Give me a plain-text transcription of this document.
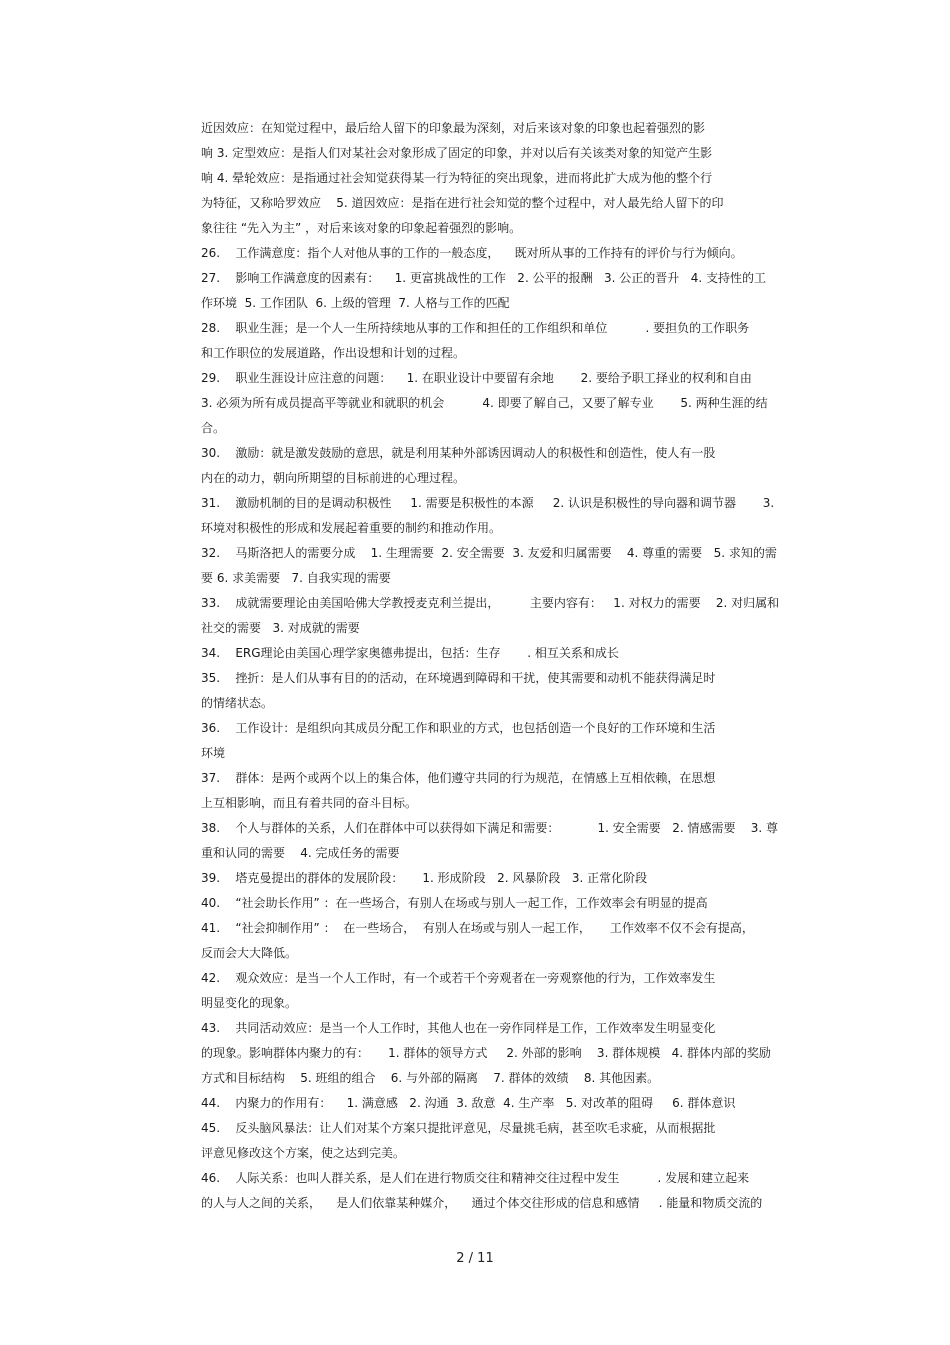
近因效应：在知觉过程中，最后给人留下的印象最为深刻，对后来该对象的印象也起着强烈的影
响 3. 定型效应：是指人们对某社会对象形成了固定的印象，并对以后有关该类对象的知觉产生影
响 4. 晕轮效应：是指通过社会知觉获得某一行为特征的突出现象，进而将此扩大成为他的整个行
为特征，又称哈罗效应    5. 道因效应：是指在进行社会知觉的整个过程中，对人最先给人留下的印
象往往 “先入为主” ，对后来该对象的印象起着强烈的影响。
26.    工作满意度：指个人对他从事的工作的一般态度，    既对所从事的工作持有的评价与行为倾向。
27.    影响工作满意度的因素有：    1. 更富挑战性的工作   2. 公平的报酬   3. 公正的晋升   4. 支持性的工
作环境  5. 工作团队  6. 上级的管理  7. 人格与工作的匹配
28.    职业生涯；是一个人一生所持续地从事的工作和担任的工作组织和单位          . 要担负的工作职务
和工作职位的发展道路，作出设想和计划的过程。
29.    职业生涯设计应注意的问题：    1. 在职业设计中要留有余地       2. 要给予职工择业的权利和自由
3. 必须为所有成员提高平等就业和就职的机会          4. 即要了解自己，又要了解专业       5. 两种生涯的结
合。
30.    激励：就是激发鼓励的意思，就是利用某种外部诱因调动人的积极性和创造性，使人有一股
内在的动力，朝向所期望的目标前进的心理过程。
31.    激励机制的目的是调动积极性     1. 需要是积极性的本源     2. 认识是积极性的导向器和调节器       3.
环境对积极性的形成和发展起着重要的制约和推动作用。
32.    马斯洛把人的需要分成    1. 生理需要  2. 安全需要  3. 友爱和归属需要    4. 尊重的需要   5. 求知的需
要 6. 求美需要   7. 自我实现的需要
33.    成就需要理论由美国哈佛大学教授麦克利兰提出，        主要内容有：   1. 对权力的需要    2. 对归属和
社交的需要   3. 对成就的需要
34.    ERG理论由美国心理学家奥德弗提出，包括：生存       . 相互关系和成长
35.    挫折：是人们从事有目的的活动，在环境遇到障碍和干扰，使其需要和动机不能获得满足时
的情绪状态。
36.    工作设计：是组织向其成员分配工作和职业的方式，也包括创造一个良好的工作环境和生活
环境
37.    群体：是两个或两个以上的集合体，他们遵守共同的行为规范，在情感上互相依赖，在思想
上互相影响，而且有着共同的奋斗目标。
38.    个人与群体的关系，人们在群体中可以获得如下满足和需要：          1. 安全需要   2. 情感需要    3. 尊
重和认同的需要    4. 完成任务的需要
39.    塔克曼提出的群体的发展阶段：     1. 形成阶段   2. 风暴阶段   3. 正常化阶段
40.    “社会助长作用” ：在一些场合，有别人在场或与别人一起工作，工作效率会有明显的提高
41.    “社会抑制作用” ：  在一些场合，  有别人在场或与别人一起工作，     工作效率不仅不会有提高，
反而会大大降低。
42.    观众效应：是当一个人工作时，有一个或若干个旁观者在一旁观察他的行为，工作效率发生
明显变化的现象。
43.    共同活动效应：是当一个人工作时，其他人也在一旁作同样是工作，工作效率发生明显变化
的现象。影响群体内聚力的有：     1. 群体的领导方式     2. 外部的影响    3. 群体规模   4. 群体内部的奖励
方式和目标结构    5. 班组的组合    6. 与外部的隔离    7. 群体的效绩    8. 其他因素。
44.    内聚力的作用有：    1. 满意感   2. 沟通  3. 敌意  4. 生产率   5. 对改革的阻碍     6. 群体意识
45.    反头脑风暴法：让人们对某个方案只提批评意见，尽量挑毛病，甚至吹毛求疵，从而根据批
评意见修改这个方案，使之达到完美。
46.    人际关系：也叫人群关系，是人们在进行物质交往和精神交往过程中发生          . 发展和建立起来
的人与人之间的关系，    是人们依靠某种媒介，    通过个体交往形成的信息和感情     . 能量和物质交流的
2 / 11
